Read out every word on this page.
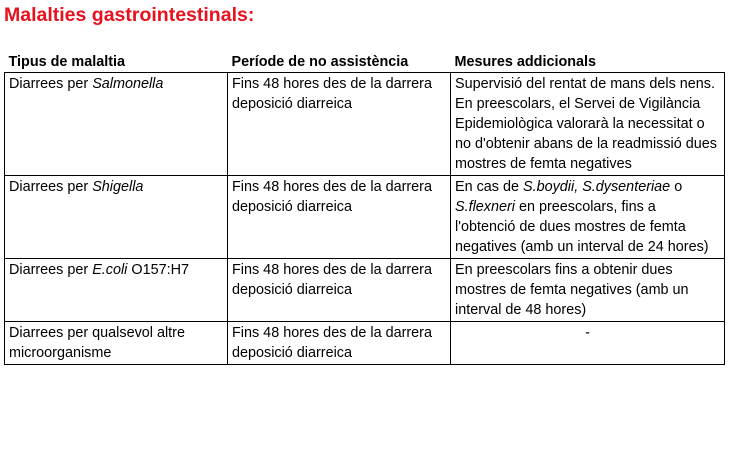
Malalties gastrointestinals:
Tipus de malaltia	Període de no assistència	Mesures addicionals
Diarrees per Salmonella	Fins 48 hores des de la darrera deposició diarreica	Supervisió del rentat de mans dels nens. En preescolars, el Servei de Vigilància Epidemiològica valorarà la necessitat o no d'obtenir abans de la readmissió dues mostres de femta negatives
Diarrees per Shigella	Fins 48 hores des de la darrera deposició diarreica	En cas de S.boydii, S.dysenteriae o S.flexneri en preescolars, fins a l'obtenció de dues mostres de femta negatives (amb un interval de 24 hores)
Diarrees per E.coli O157:H7	Fins 48 hores des de la darrera deposició diarreica	En preescolars fins a obtenir dues mostres de femta negatives (amb un interval de 48 hores)
Diarrees per qualsevol altre microorganisme	Fins 48 hores des de la darrera deposició diarreica	-
